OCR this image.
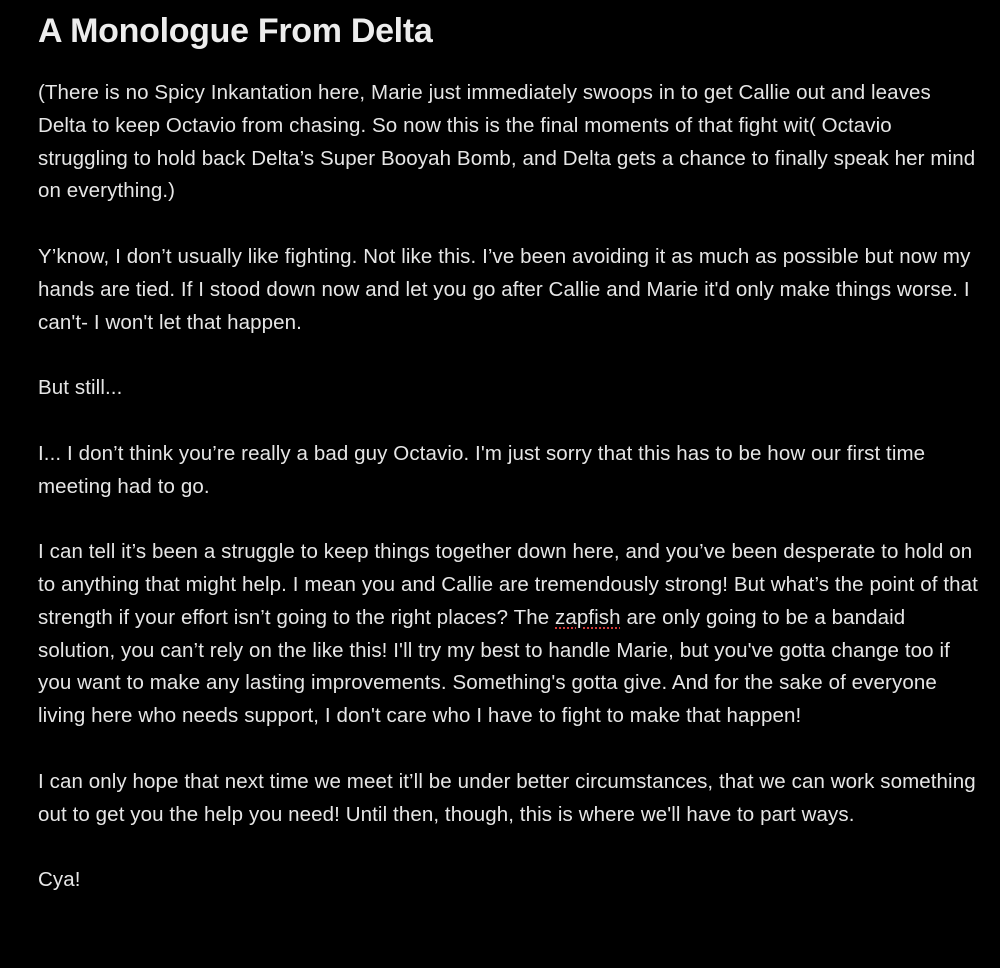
A Monologue From Delta

(There is no Spicy Inkantation here, Marie just immediately swoops in to get Callie out and leaves Delta to keep Octavio from chasing. So now this is the final moments of that fight wit( Octavio struggling to hold back Delta’s Super Booyah Bomb, and Delta gets a chance to finally speak her mind on everything.)

Y’know, I don’t usually like fighting. Not like this. I’ve been avoiding it as much as possible but now my hands are tied. If I stood down now and let you go after Callie and Marie it'd only make things worse. I can't- I won't let that happen.

But still...

I... I don’t think you’re really a bad guy Octavio. I'm just sorry that this has to be how our first time meeting had to go.

I can tell it’s been a struggle to keep things together down here, and you’ve been desperate to hold on to anything that might help. I mean you and Callie are tremendously strong! But what’s the point of that strength if your effort isn’t going to the right places? The zapfish are only going to be a bandaid solution, you can’t rely on the like this! I'll try my best to handle Marie, but you've gotta change too if you want to make any lasting improvements. Something's gotta give. And for the sake of everyone living here who needs support, I don't care who I have to fight to make that happen!

I can only hope that next time we meet it’ll be under better circumstances, that we can work something out to get you the help you need! Until then, though, this is where we'll have to part ways.

Cya!
